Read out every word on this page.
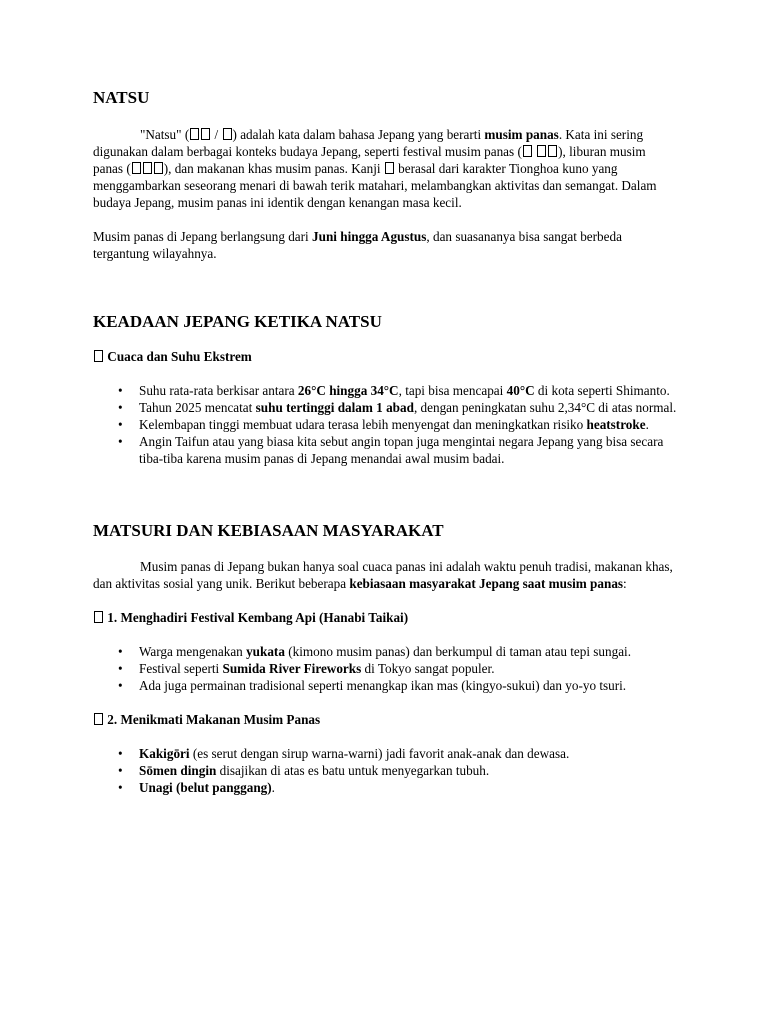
NATSU

"Natsu" ( / ) adalah kata dalam bahasa Jepang yang berarti musim panas. Kata ini sering digunakan dalam berbagai konteks budaya Jepang, seperti festival musim panas (	), liburan musim panas (	), dan makanan khas musim panas. Kanji  berasal dari karakter Tionghoa kuno yang menggambarkan seseorang menari di bawah terik matahari, melambangkan aktivitas dan semangat. Dalam budaya Jepang, musim panas ini identik dengan kenangan masa kecil.

Musim panas di Jepang berlangsung dari Juni hingga Agustus, dan suasananya bisa sangat berbeda tergantung wilayahnya.

KEADAAN JEPANG KETIKA NATSU
Cuaca dan Suhu Ekstrem
• Suhu rata-rata berkisar antara 26°C hingga 34°C, tapi bisa mencapai 40°C di kota seperti Shimanto.
• Tahun 2025 mencatat suhu tertinggi dalam 1 abad, dengan peningkatan suhu 2,34°C di atas normal.
• Kelembapan tinggi membuat udara terasa lebih menyengat dan meningkatkan risiko heatstroke.
• Angin Taifun atau yang biasa kita sebut angin topan juga mengintai negara Jepang yang bisa secara tiba-tiba karena musim panas di Jepang menandai awal musim badai.
MATSURI DAN KEBIASAAN MASYARAKAT

Musim panas di Jepang bukan hanya soal cuaca panas ini adalah waktu penuh tradisi, makanan khas, dan aktivitas sosial yang unik. Berikut beberapa kebiasaan masyarakat Jepang saat musim panas:

1. Menghadiri Festival Kembang Api (Hanabi Taikai)
• Warga mengenakan yukata (kimono musim panas) dan berkumpul di taman atau tepi sungai.
• Festival seperti Sumida River Fireworks di Tokyo sangat populer.
• Ada juga permainan tradisional seperti menangkap ikan mas (kingyo-sukui) dan yo-yo tsuri.
2. Menikmati Makanan Musim Panas
• Kakigōri (es serut dengan sirup warna-warni) jadi favorit anak-anak dan dewasa.
• Sōmen dingin disajikan di atas es batu untuk menyegarkan tubuh.
• Unagi (belut panggang).
